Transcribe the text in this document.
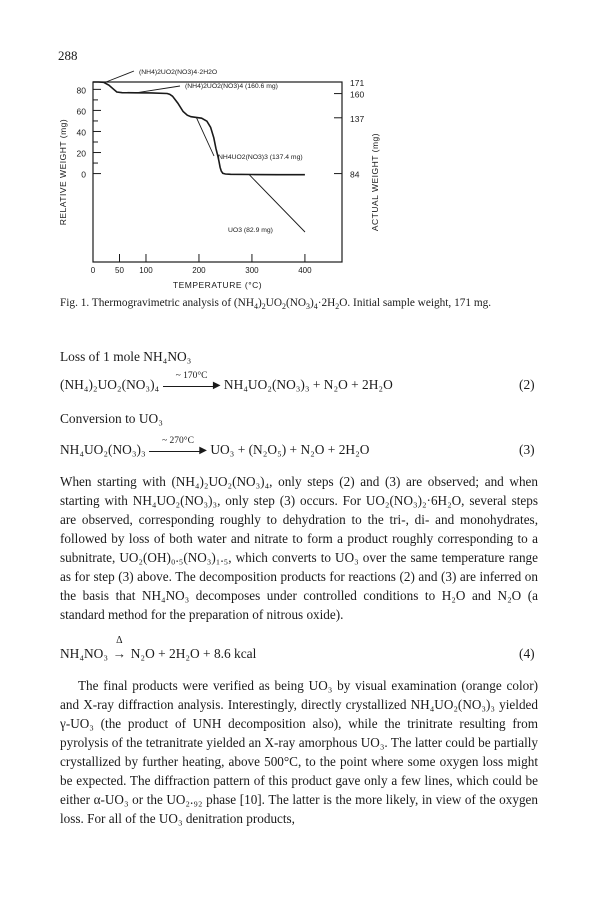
288
0
20
40
60
80
84
137
160
171
0 50 100	200	300	400
TEMPERATURE (°C)
RELATIVE WEIGHT (mg)	ACTUAL WEIGHT (mg)
(NH4)2UO2(NO3)4·2H2O
(NH4)2UO2(NO3)4 (160.6 mg)
NH4UO2(NO3)3 (137.4 mg)
UO3 (82.9 mg)
Fig. 1. Thermogravimetric analysis of $(NH_4)_2UO_2(NO_3)_4\cdot 2H_2O$. Initial sample weight, 171 mg.
Loss of 1 mole NH₄NO₃
(NH₄)₂UO₂(NO₃)₄
~ 170°C
▶ NH₄UO₂(NO₃)₃ + N₂O + 2H₂O	(2)
Conversion to UO₃
NH₄UO₂(NO₃)₃
~ 270°C
▶ UO₃ + (N₂O₅) + N₂O + 2H₂O	(3)

When starting with (NH₄)₂UO₂(NO₃)₄, only steps (2) and (3) are observed; and when starting with NH₄UO₂(NO₃)₃, only step (3) occurs. For UO₂(NO₃)₂·6H₂O, several steps are observed, corresponding roughly to dehydration to the tri-, di- and monohydrates, followed by loss of both water and nitrate to form a product roughly corresponding to a subnitrate, UO₂(OH)₀.₅(NO₃)₁.₅, which converts to UO₃ over the same temperature range as for step (3) above. The decomposition products for reactions (2) and (3) are inferred on the basis that NH₄NO₃ decomposes under controlled conditions to H₂O and N₂O (a standard method for the preparation of nitrous oxide).

NH₄NO₃
Δ
→ N₂O + 2H₂O + 8.6 kcal	(4)

The final products were verified as being UO₃ by visual examination (orange color) and X-ray diffraction analysis. Interestingly, directly crystallized NH₄UO₂(NO₃)₃ yielded γ-UO₃ (the product of UNH decomposition also), while the trinitrate resulting from pyrolysis of the tetranitrate yielded an X-ray amorphous UO₃. The latter could be partially crystallized by further heating, above 500°C, to the point where some oxygen loss might be expected. The diffraction pattern of this product gave only a few lines, which could be either α-UO₃ or the UO₂.₉₂ phase [10]. The latter is the more likely, in view of the oxygen loss. For all of the UO₃ denitration products,
